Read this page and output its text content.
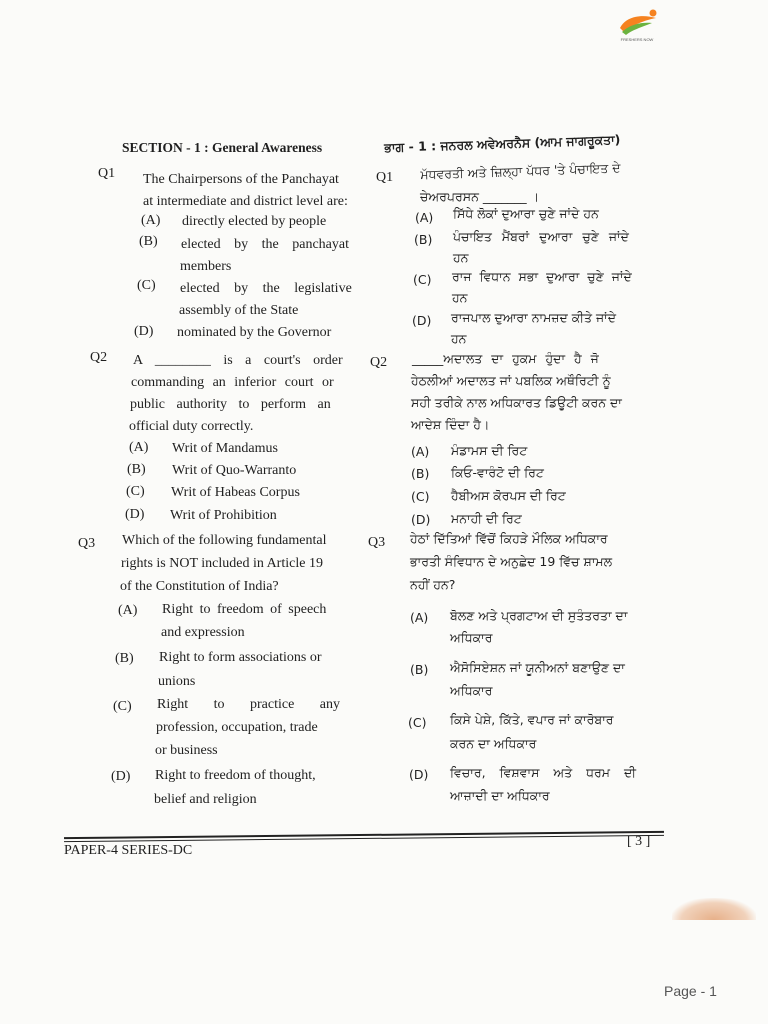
FRESHERS NOW
SECTION - 1 : General Awareness	ਭਾਗ - 1 : ਜਨਰਲ ਅਵੇਅਰਨੈਸ (ਆਮ ਜਾਗਰੂਕਤਾ)
Q1 The Chairpersons of the Panchayat
at intermediate and district level are:
(A) directly elected by people
(B) elected by the panchayat
members
(C) elected by the legislative
assembly of the State
(D) nominated by the Governor
Q1 ਮੱਧਵਰਤੀ ਅਤੇ ਜ਼ਿਲ੍ਹਾ ਪੱਧਰ 'ਤੇ ਪੰਚਾਇਤ ਦੇ
ਚੇਅਰਪਰਸਨ _______ ।
(A) ਸਿੱਧੇ ਲੋਕਾਂ ਦੁਆਰਾ ਚੁਣੇ ਜਾਂਦੇ ਹਨ
(B) ਪੰਚਾਇਤ ਮੈਂਬਰਾਂ ਦੁਆਰਾ ਚੁਣੇ ਜਾਂਦੇ
ਹਨ
(C) ਰਾਜ ਵਿਧਾਨ ਸਭਾ ਦੁਆਰਾ ਚੁਣੇ ਜਾਂਦੇ
ਹਨ
(D) ਰਾਜਪਾਲ ਦੁਆਰਾ ਨਾਮਜ਼ਦ ਕੀਤੇ ਜਾਂਦੇ
ਹਨ
Q2 A ________ is a court's order
commanding an inferior court or
public authority to perform an
official duty correctly.
(A) Writ of Mandamus
(B) Writ of Quo-Warranto
(C) Writ of Habeas Corpus
(D) Writ of Prohibition
Q2 _____ਅਦਾਲਤ ਦਾ ਹੁਕਮ ਹੁੰਦਾ ਹੈ ਜੋ
ਹੇਠਲੀਆਂ ਅਦਾਲਤ ਜਾਂ ਪਬਲਿਕ ਅਥੌਰਿਟੀ ਨੂੰ
ਸਹੀ ਤਰੀਕੇ ਨਾਲ ਅਧਿਕਾਰਤ ਡਿਊਟੀ ਕਰਨ ਦਾ
ਆਦੇਸ਼ ਦਿੰਦਾ ਹੈ।
(A) ਮੰਡਾਮਸ ਦੀ ਰਿਟ
(B) ਕਿਓ-ਵਾਰੰਟੋ ਦੀ ਰਿਟ
(C) ਹੈਬੀਅਸ ਕੋਰਪਸ ਦੀ ਰਿਟ
(D) ਮਨਾਹੀ ਦੀ ਰਿਟ
Q3 Which of the following fundamental
rights is NOT included in Article 19
of the Constitution of India?
(A) Right to freedom of speech
and expression
(B) Right to form associations or
unions
(C) Right to practice any
profession, occupation, trade
or business
(D) Right to freedom of thought,
belief and religion
Q3 ਹੇਠਾਂ ਦਿੱਤਿਆਂ ਵਿੱਚੋਂ ਕਿਹੜੇ ਮੌਲਿਕ ਅਧਿਕਾਰ
ਭਾਰਤੀ ਸੰਵਿਧਾਨ ਦੇ ਅਨੁਛੇਦ 19 ਵਿੱਚ ਸ਼ਾਮਲ
ਨਹੀਂ ਹਨ?
(A) ਬੋਲਣ ਅਤੇ ਪ੍ਰਗਟਾਅ ਦੀ ਸੁਤੰਤਰਤਾ ਦਾ
ਅਧਿਕਾਰ
(B) ਐਸੋਸਿਏਸ਼ਨ ਜਾਂ ਯੂਨੀਅਨਾਂ ਬਣਾਉਣ ਦਾ
ਅਧਿਕਾਰ
(C) ਕਿਸੇ ਪੇਸ਼ੇ, ਕਿੱਤੇ, ਵਪਾਰ ਜਾਂ ਕਾਰੋਬਾਰ
ਕਰਨ ਦਾ ਅਧਿਕਾਰ
(D) ਵਿਚਾਰ, ਵਿਸ਼ਵਾਸ ਅਤੇ ਧਰਮ ਦੀ
ਆਜ਼ਾਦੀ ਦਾ ਅਧਿਕਾਰ
PAPER-4 SERIES-DC
[ 3 ]
Page - 1
